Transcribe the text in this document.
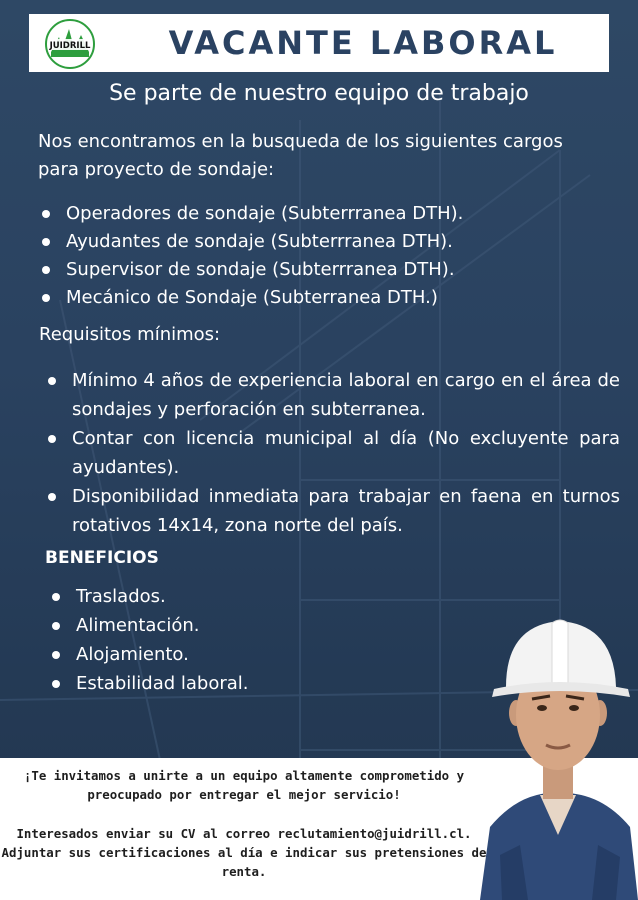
JUIDRILL	VACANTE LABORAL
Se parte de nuestro equipo de trabajo
Nos encontramos en la busqueda de los siguientes cargos para proyecto de sondaje:
Operadores de sondaje (Subterrranea DTH).
Ayudantes de sondaje (Subterrranea DTH).
Supervisor de sondaje (Subterrranea DTH).
Mecánico de Sondaje (Subterranea DTH.)
Requisitos mínimos:
Mínimo 4 años de experiencia laboral en cargo en el área de sondajes y perforación en subterranea.
Contar con licencia municipal al día (No excluyente para ayudantes).
Disponibilidad inmediata para trabajar en faena en turnos rotativos 14x14, zona norte del país.
BENEFICIOS
Traslados.
Alimentación.
Alojamiento.
Estabilidad laboral.

¡Te invitamos a unirte a un equipo altamente comprometido y preocupado por entregar el mejor servicio!

Interesados enviar su CV al correo reclutamiento@juidrill.cl. Adjuntar sus certificaciones al día e indicar sus pretensiones de renta.
